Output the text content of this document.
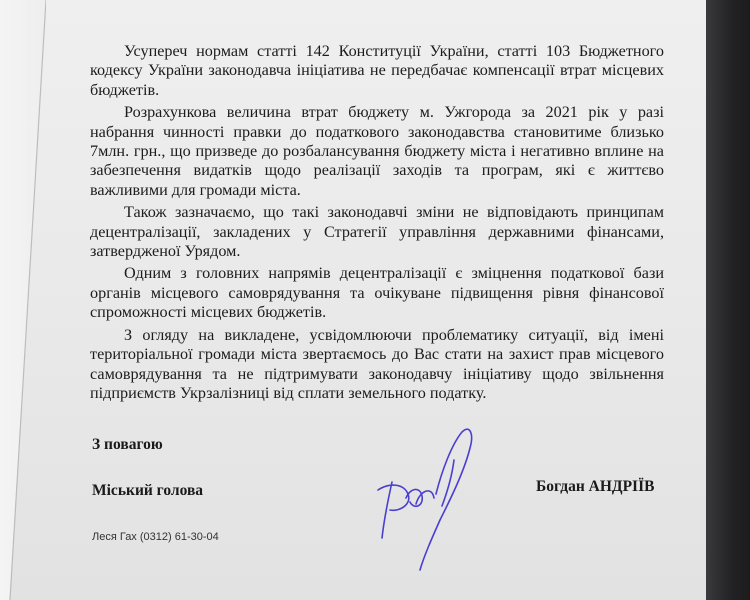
Усупереч нормам статті 142 Конституції України, статті 103 Бюджетного кодексу України законодавча ініціатива не передбачає компенсації втрат місцевих бюджетів.

Розрахункова величина втрат бюджету м. Ужгорода за 2021 рік у разі набрання чинності правки до податкового законодавства становитиме близько 7млн. грн., що призведе до розбалансування бюджету міста і негативно вплине на забезпечення видатків щодо реалізації заходів та програм, які є життєво важливими для громади міста.

Також зазначаємо, що такі законодавчі зміни не відповідають принципам децентралізації, закладених у Стратегії управління державними фінансами, затвердженої Урядом.

Одним з головних напрямів децентралізації є зміцнення податкової бази органів місцевого самоврядування та очікуване підвищення рівня фінансової спроможності місцевих бюджетів.

З огляду на викладене, усвідомлюючи проблематику ситуації, від імені територіальної громади міста звертаємось до Вас стати на захист прав місцевого самоврядування та не підтримувати законодавчу ініціативу щодо звільнення підприємств Укрзалізниці від сплати земельного податку.

З повагою
Міський голова	Богдан АНДРІЇВ
Леся Гах (0312) 61-30-04
